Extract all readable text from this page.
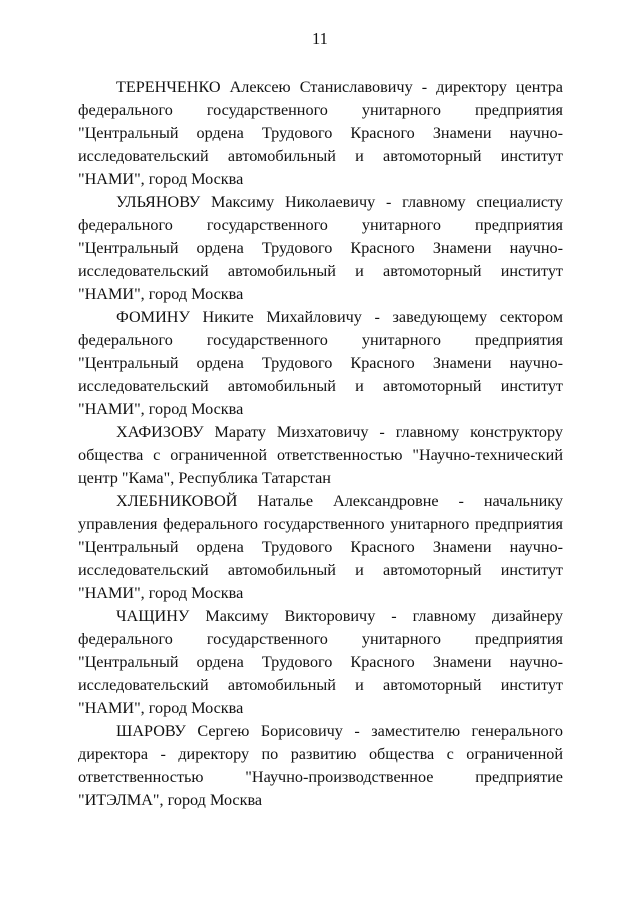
11

ТЕРЕНЧЕНКО Алексею Станиславовичу - директору центра федерального государственного унитарного предприятия "Центральный ордена Трудового Красного Знамени научно-исследовательский автомобильный и автомоторный институт "НАМИ", город Москва

УЛЬЯНОВУ Максиму Николаевичу - главному специалисту федерального государственного унитарного предприятия "Центральный ордена Трудового Красного Знамени научно-исследовательский автомобильный и автомоторный институт "НАМИ", город Москва

ФОМИНУ Никите Михайловичу - заведующему сектором федерального государственного унитарного предприятия "Центральный ордена Трудового Красного Знамени научно-исследовательский автомобильный и автомоторный институт "НАМИ", город Москва

ХАФИЗОВУ Марату Мизхатовичу - главному конструктору общества с ограниченной ответственностью "Научно-технический центр "Кама", Республика Татарстан

ХЛЕБНИКОВОЙ Наталье Александровне - начальнику управления федерального государственного унитарного предприятия "Центральный ордена Трудового Красного Знамени научно-исследовательский автомобильный и автомоторный институт "НАМИ", город Москва

ЧАЩИНУ Максиму Викторовичу - главному дизайнеру федерального государственного унитарного предприятия "Центральный ордена Трудового Красного Знамени научно-исследовательский автомобильный и автомоторный институт "НАМИ", город Москва

ШАРОВУ Сергею Борисовичу - заместителю генерального директора - директору по развитию общества с ограниченной ответственностью "Научно-производственное предприятие "ИТЭЛМА", город Москва
